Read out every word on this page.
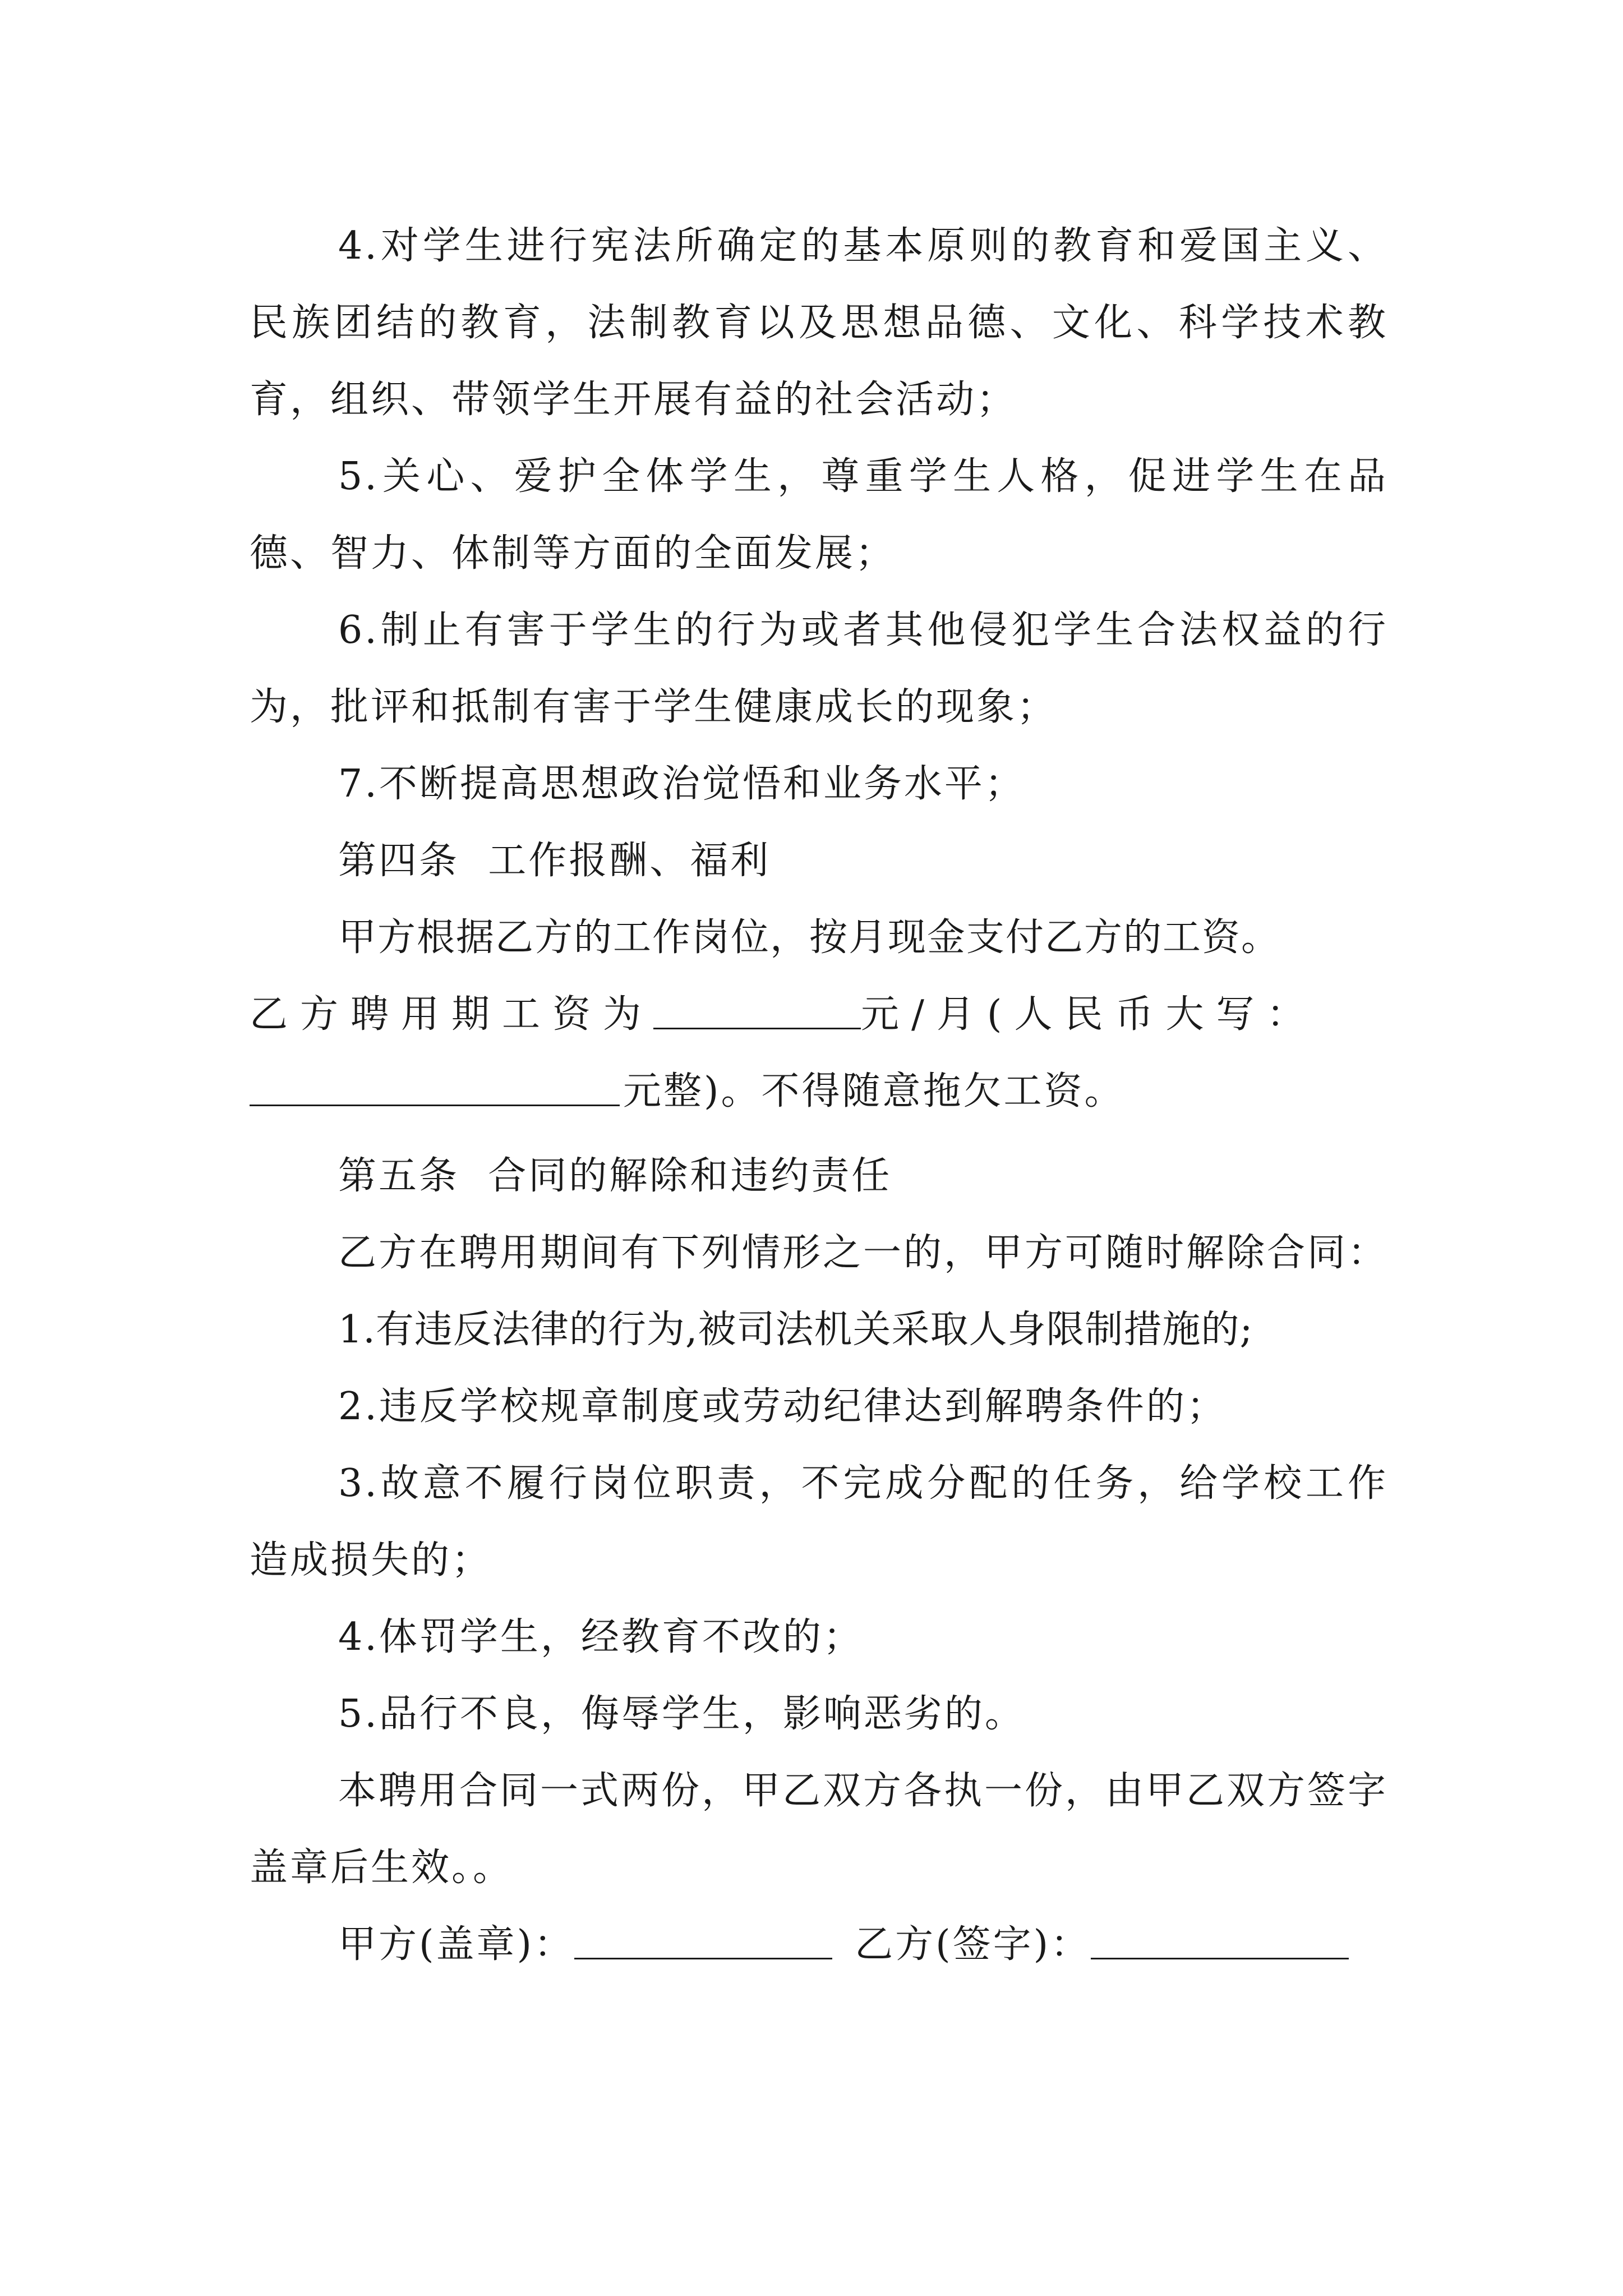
4.对学生进行宪法所确定的基本原则的教育和爱国主义、民族团结的教育，法制教育以及思想品德、文化、科学技术教育，组织、带领学生开展有益的社会活动；

5.关心、爱护全体学生，尊重学生人格，促进学生在品德、智力、体制等方面的全面发展；

6.制止有害于学生的行为或者其他侵犯学生合法权益的行为，批评和抵制有害于学生健康成长的现象；

7.不断提高思想政治觉悟和业务水平；

第四条  工作报酬、福利

甲方根据乙方的工作岗位，按月现金支付乙方的工资。

乙方聘用期工资为	元/月(人民币大写：

元整)。不得随意拖欠工资。

第五条  合同的解除和违约责任

乙方在聘用期间有下列情形之一的，甲方可随时解除合同：

1.有违反法律的行为,被司法机关采取人身限制措施的;

2.违反学校规章制度或劳动纪律达到解聘条件的；

3.故意不履行岗位职责，不完成分配的任务，给学校工作造成损失的；

4.体罚学生，经教育不改的；

5.品行不良，侮辱学生，影响恶劣的。

本聘用合同一式两份，甲乙双方各执一份，由甲乙双方签字盖章后生效。。

甲方(盖章)：	乙方(签字)：
